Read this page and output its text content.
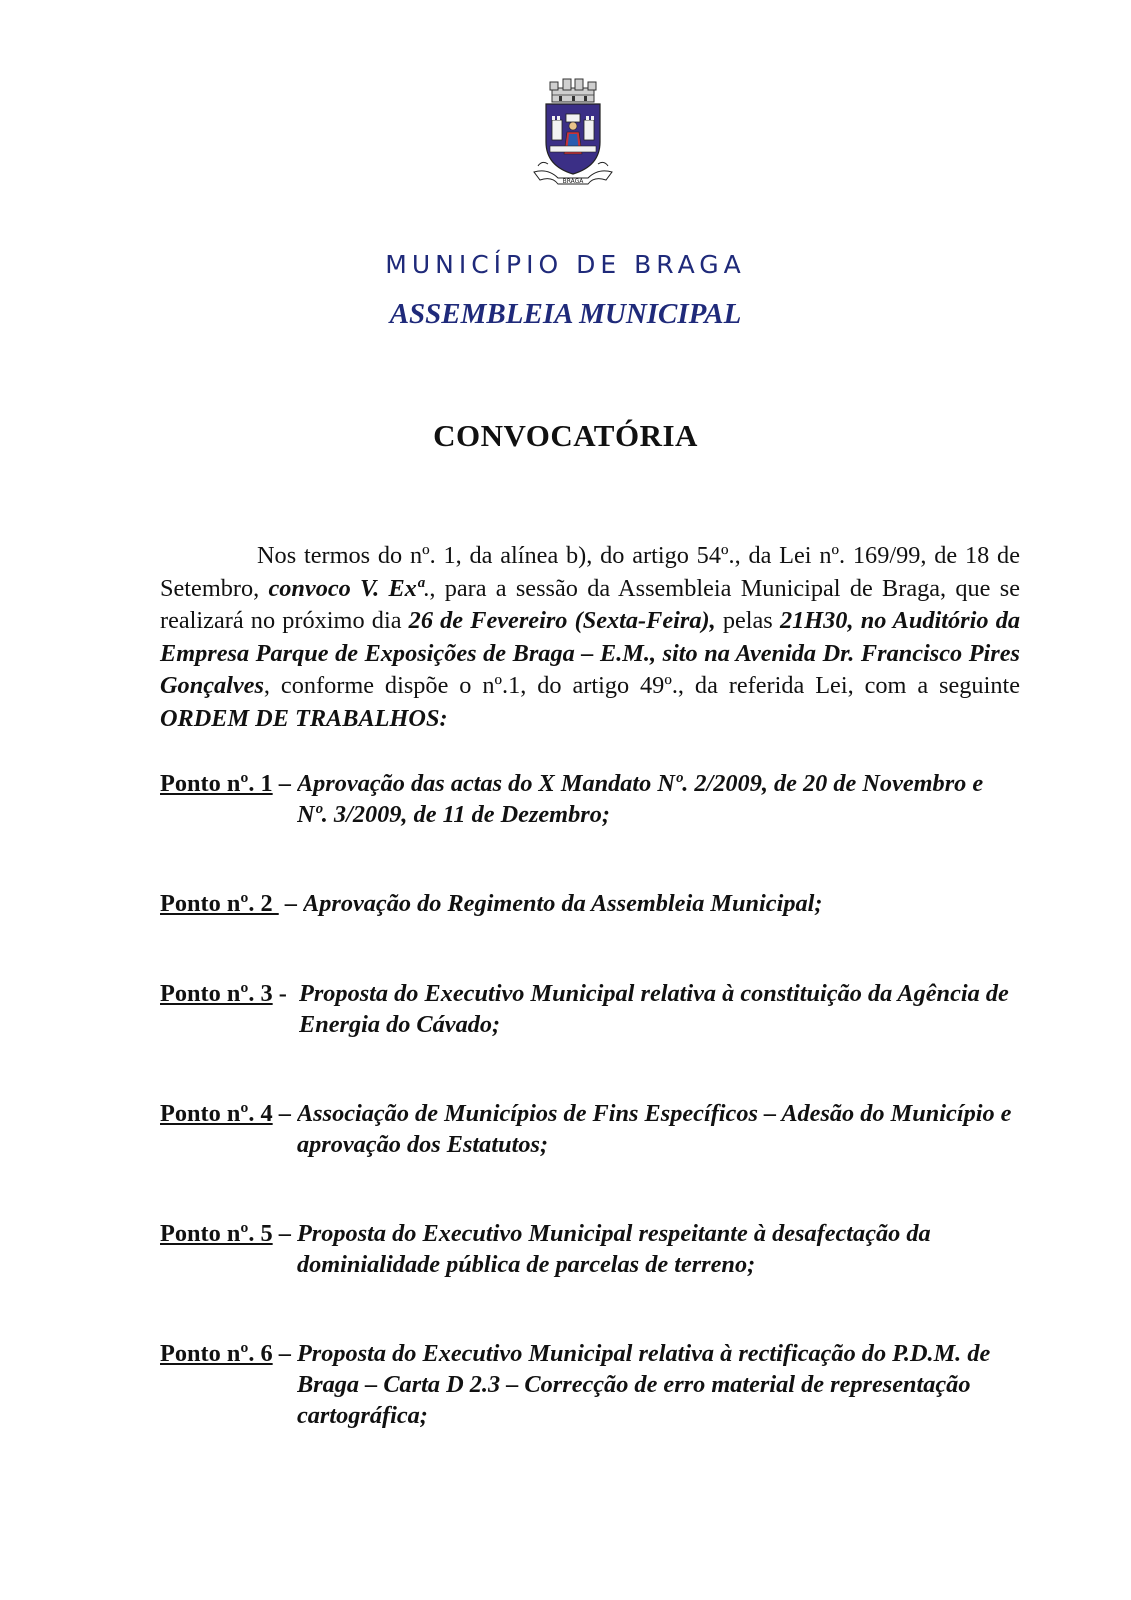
BRAGA
MUNICÍPIO DE BRAGA
ASSEMBLEIA MUNICIPAL
CONVOCATÓRIA

Nos termos do nº. 1, da alínea b), do artigo 54º., da Lei nº. 169/99, de 18 de Setembro, convoco V. Exª., para a sessão da Assembleia Municipal de Braga, que se realizará no próximo dia 26 de Fevereiro (Sexta-Feira), pelas 21H30, no Auditório da Empresa Parque de Exposições de Braga – E.M., sito na Avenida Dr. Francisco Pires Gonçalves, conforme dispõe o nº.1, do artigo 49º., da referida Lei, com a seguinte ORDEM DE TRABALHOS:

Ponto nº. 1 – Aprovação das actas do X Mandato Nº. 2/2009, de 20 de Novembro e Nº. 3/2009, de 11 de Dezembro;
Ponto nº. 2 – Aprovação do Regimento da Assembleia Municipal;
Ponto nº. 3 - Proposta do Executivo Municipal relativa à constituição da Agência de Energia do Cávado;
Ponto nº. 4 – Associação de Municípios de Fins Específicos – Adesão do Município e aprovação dos Estatutos;
Ponto nº. 5 – Proposta do Executivo Municipal respeitante à desafectação da dominialidade pública de parcelas de terreno;
Ponto nº. 6 – Proposta do Executivo Municipal relativa à rectificação do P.D.M. de Braga – Carta D 2.3 – Correcção de erro material de representação cartográfica;
